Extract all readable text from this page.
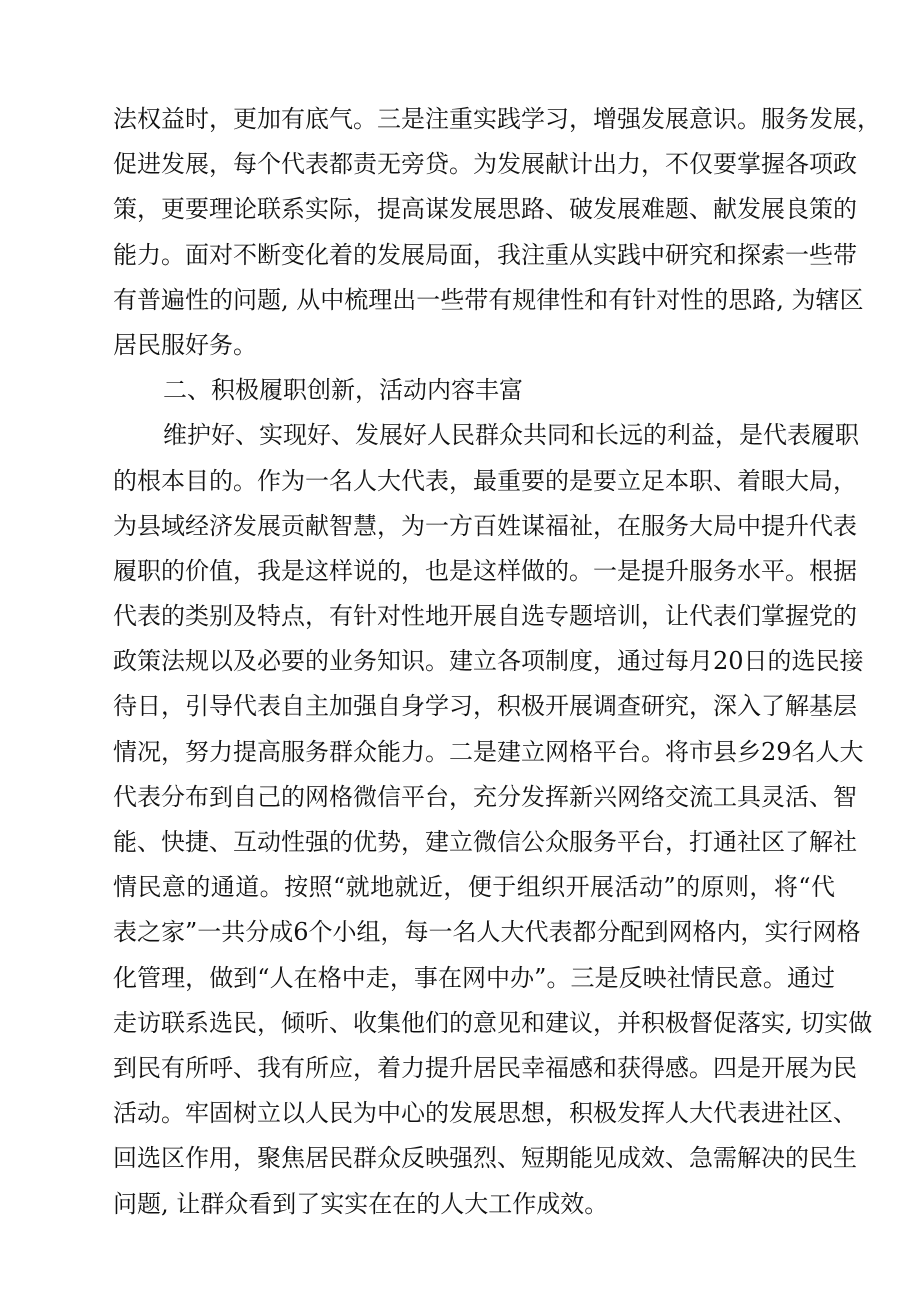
法权益时，更加有底气。三是注重实践学习，增强发展意识。服务发展，
促进发展，每个代表都责无旁贷。为发展献计出力，不仅要掌握各项政
策，更要理论联系实际，提高谋发展思路、破发展难题、献发展良策的
能力。面对不断变化着的发展局面，我注重从实践中研究和探索一些带
有普遍性的问题, 从中梳理出一些带有规律性和有针对性的思路, 为辖区
居民服好务。
二、积极履职创新，活动内容丰富
维护好、实现好、发展好人民群众共同和长远的利益，是代表履职
的根本目的。作为一名人大代表，最重要的是要立足本职、着眼大局，
为县域经济发展贡献智慧，为一方百姓谋福祉，在服务大局中提升代表
履职的价值，我是这样说的，也是这样做的。一是提升服务水平。根据
代表的类别及特点，有针对性地开展自选专题培训，让代表们掌握党的
政策法规以及必要的业务知识。建立各项制度，通过每月20日的选民接
待日，引导代表自主加强自身学习，积极开展调查研究，深入了解基层
情况，努力提高服务群众能力。二是建立网格平台。将市县乡29名人大
代表分布到自己的网格微信平台，充分发挥新兴网络交流工具灵活、智
能、快捷、互动性强的优势，建立微信公众服务平台，打通社区了解社
情民意的通道。按照“就地就近，便于组织开展活动”的原则，将“代
表之家”一共分成6个小组，每一名人大代表都分配到网格内，实行网格
化管理，做到“人在格中走，事在网中办”。三是反映社情民意。通过
走访联系选民，倾听、收集他们的意见和建议，并积极督促落实, 切实做
到民有所呼、我有所应，着力提升居民幸福感和获得感。四是开展为民
活动。牢固树立以人民为中心的发展思想，积极发挥人大代表进社区、
回选区作用，聚焦居民群众反映强烈、短期能见成效、急需解决的民生
问题, 让群众看到了实实在在的人大工作成效。
